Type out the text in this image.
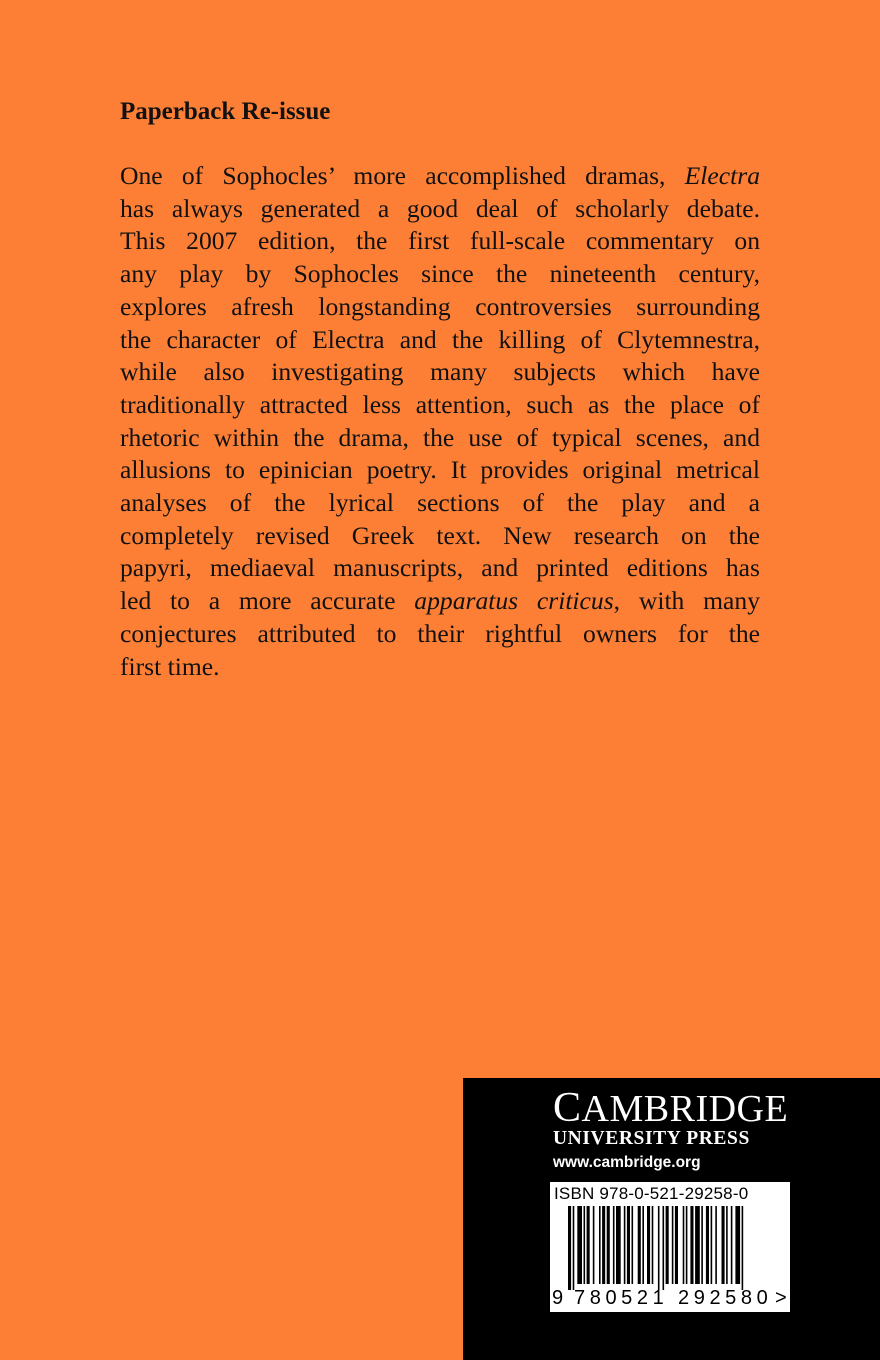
Paperback Re-issue
One of Sophocles’ more accomplished dramas, Electra
has always generated a good deal of scholarly debate.
This 2007 edition, the first full-scale commentary on
any play by Sophocles since the nineteenth century,
explores afresh longstanding controversies surrounding
the character of Electra and the killing of Clytemnestra,
while also investigating many subjects which have
traditionally attracted less attention, such as the place of
rhetoric within the drama, the use of typical scenes, and
allusions to epinician poetry. It provides original metrical
analyses of the lyrical sections of the play and a
completely revised Greek text. New research on the
papyri, mediaeval manuscripts, and printed editions has
led to a more accurate apparatus criticus, with many
conjectures attributed to their rightful owners for the
first time.
CAMBRIDGE
UNIVERSITY PRESS
www.cambridge.org
ISBN 978-0-521-29258-0
9 780521 292580 >
